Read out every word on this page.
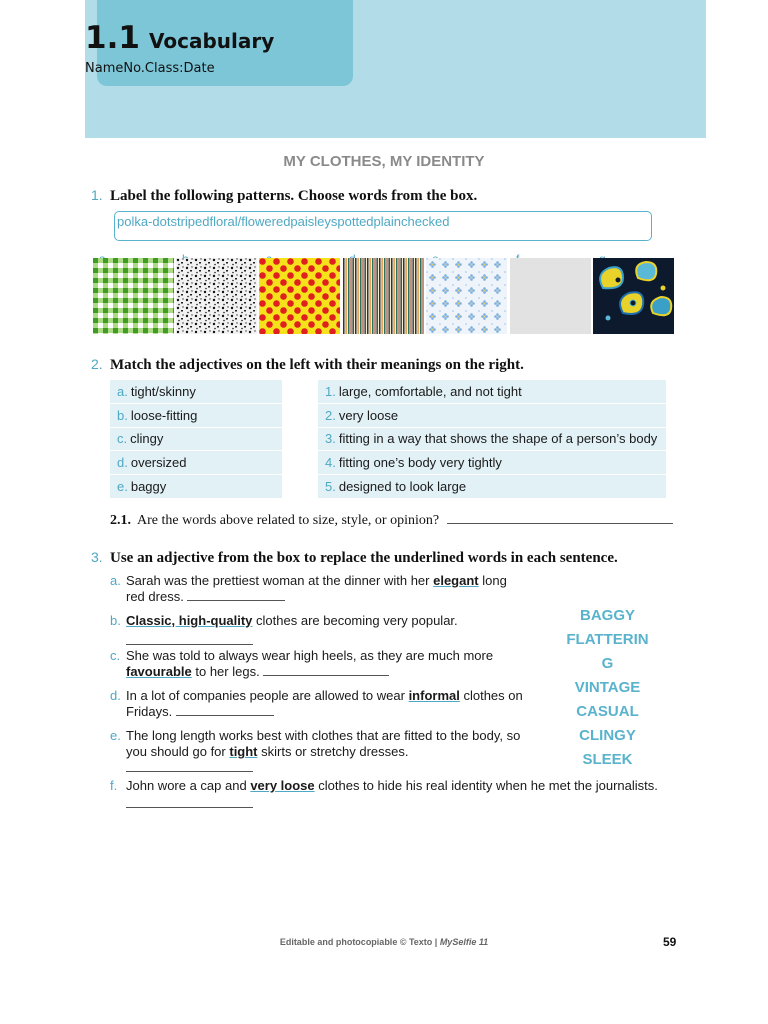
1.1 Vocabulary
NameNo.Class:Date
MY CLOTHES, MY IDENTITY
1. Label the following patterns. Choose words from the box.
polka-dotstripedfloral/floweredpaisleyspottedplainchecked
2. Match the adjectives on the left with their meanings on the right.
a. tight/skinny
b. loose-fitting
c. clingy
d. oversized
e. baggy
1. large, comfortable, and not tight
2. very loose
3. fitting in a way that shows the shape of a person’s body
4. fitting one’s body very tightly
5. designed to look large
2.1. Are the words above related to size, style, or opinion?
3. Use an adjective from the box to replace the underlined words in each sentence.
a. Sarah was the prettiest woman at the dinner with her elegant long
red dress.
b. Classic, high-quality clothes are becoming very popular.
c. She was told to always wear high heels, as they are much more
favourable to her legs.
d. In a lot of companies people are allowed to wear informal clothes on
Fridays.
e. The long length works best with clothes that are fitted to the body, so
you should go for tight skirts or stretchy dresses.
f. John wore a cap and very loose clothes to hide his real identity when he met the journalists.
BAGGY
FLATTERIN
G
VINTAGE
CASUAL
CLINGY
SLEEK
Editable and photocopiable © Texto | MySelfie 11	59
